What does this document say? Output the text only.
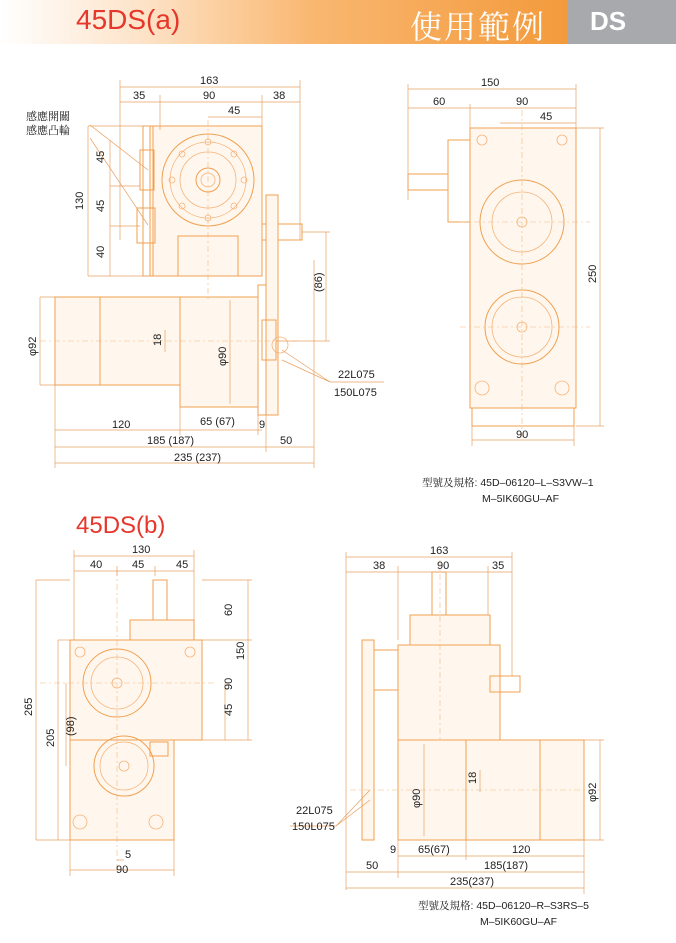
45DS(a)	使用範例 DS
45DS(b)
感應開關
感應凸輪
163
35	90
45
38
45
45
130
40
(86)
φ92	18
φ90
22L075
150L075
120	65 (67) 9
185 (187)	50
235 (237)
150
60	90
45
250
90
130
40	45	45
60
150
90
45
265
205
(98)
5
90
163
38	90	35
18
φ90	φ92
22L075
150L075
9 65(67)	120
50	185(187)
235(237)
型號及規格: 45D–06120–L–S3VW–1
M–5IK60GU–AF
型號及規格: 45D–06120–R–S3RS–5
M–5IK60GU–AF
